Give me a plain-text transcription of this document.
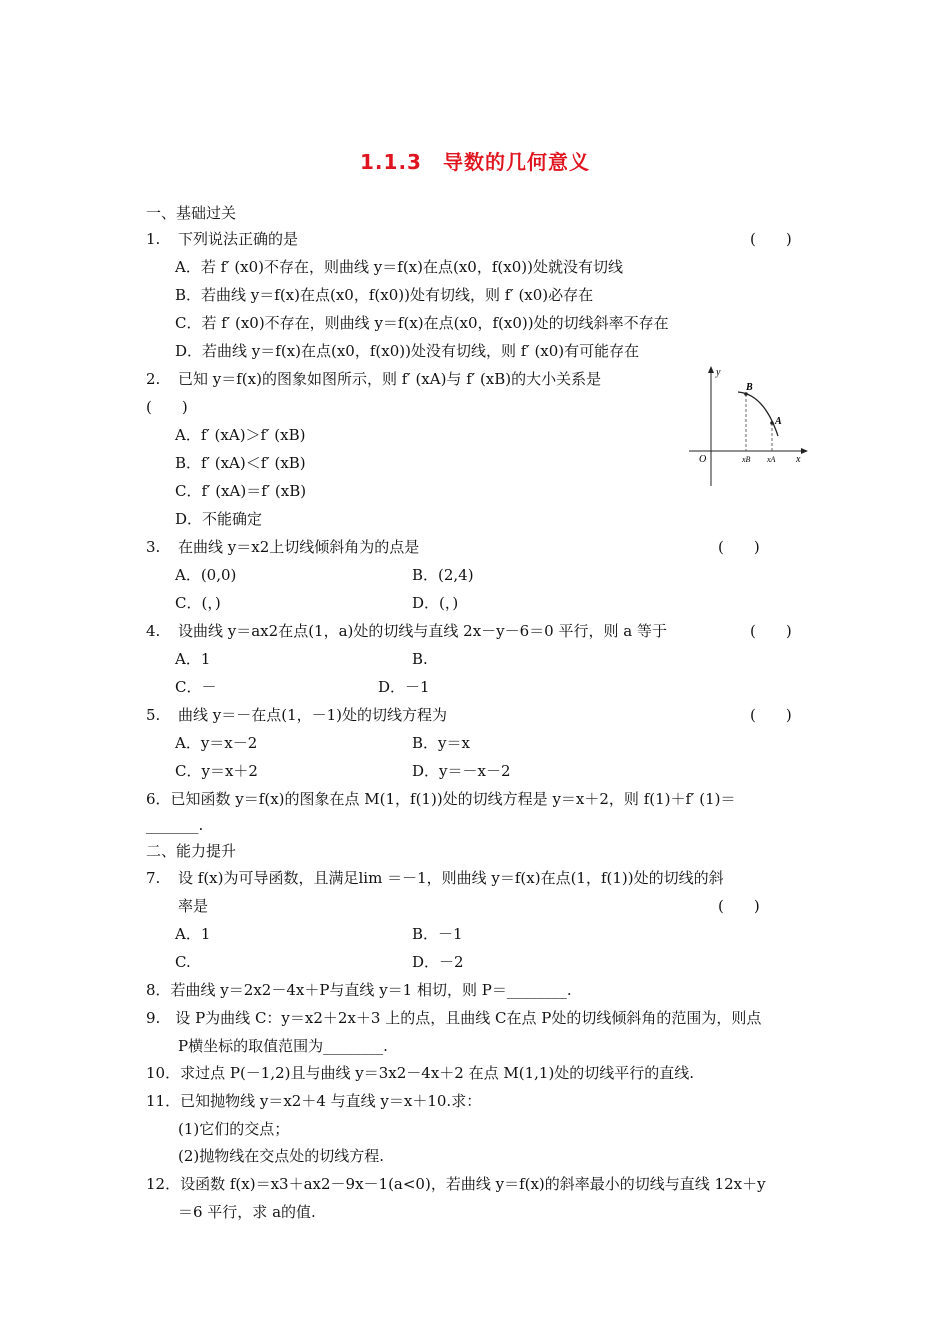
1.1.3　导数的几何意义
一、基础过关
1. 下列说法正确的是	(　　)
A．若 f′ (x0)不存在，则曲线 y＝f(x)在点(x0，f(x0))处就没有切线
B．若曲线 y＝f(x)在点(x0，f(x0))处有切线，则 f′ (x0)必存在
C．若 f′ (x0)不存在，则曲线 y＝f(x)在点(x0，f(x0))处的切线斜率不存在
D．若曲线 y＝f(x)在点(x0，f(x0))处没有切线，则 f′ (x0)有可能存在
2. 已知 y＝f(x)的图象如图所示，则 f′ (xA)与 f′ (xB)的大小关系是
(　　)
A．f′ (xA)＞f′ (xB)
B．f′ (xA)＜f′ (xB)
C．f′ (xA)＝f′ (xB)
D．不能确定
y
x
O
B
A
xB xA
3. 在曲线 y＝x2上切线倾斜角为的点是	(　　)
A．(0,0)	B．(2,4)
C．(，)	D．(，)
4. 设曲线 y＝ax2在点(1，a)处的切线与直线 2x－y－6＝0 平行，则 a 等于	(　　)
A．1	B.
C．－	D．－1
5. 曲线 y＝－在点(1，－1)处的切线方程为	(　　)
A．y＝x－2	B．y＝x
C．y＝x＋2	D．y＝－x－2
6．已知函数 y＝f(x)的图象在点 M(1，f(1))处的切线方程是 y＝x＋2，则 f(1)＋f′ (1)＝
_______.
二、能力提升
7. 设 f(x)为可导函数，且满足lim ＝－1，则曲线 y＝f(x)在点(1，f(1))处的切线的斜
率是	(　　)
A．1	B．－1
C.	D．－2
8．若曲线 y＝2x2－4x＋P与直线 y＝1 相切，则 P＝________.
9.　设 P为曲线 C：y＝x2＋2x＋3 上的点，且曲线 C在点 P处的切线倾斜角的范围为，则点
P横坐标的取值范围为________.
10．求过点 P(－1,2)且与曲线 y＝3x2－4x＋2 在点 M(1,1)处的切线平行的直线.
11．已知抛物线 y＝x2＋4 与直线 y＝x＋10.求：
(1)它们的交点；
(2)抛物线在交点处的切线方程.
12．设函数 f(x)＝x3＋ax2－9x－1(a<0)，若曲线 y＝f(x)的斜率最小的切线与直线 12x＋y
＝6 平行，求 a的值.
